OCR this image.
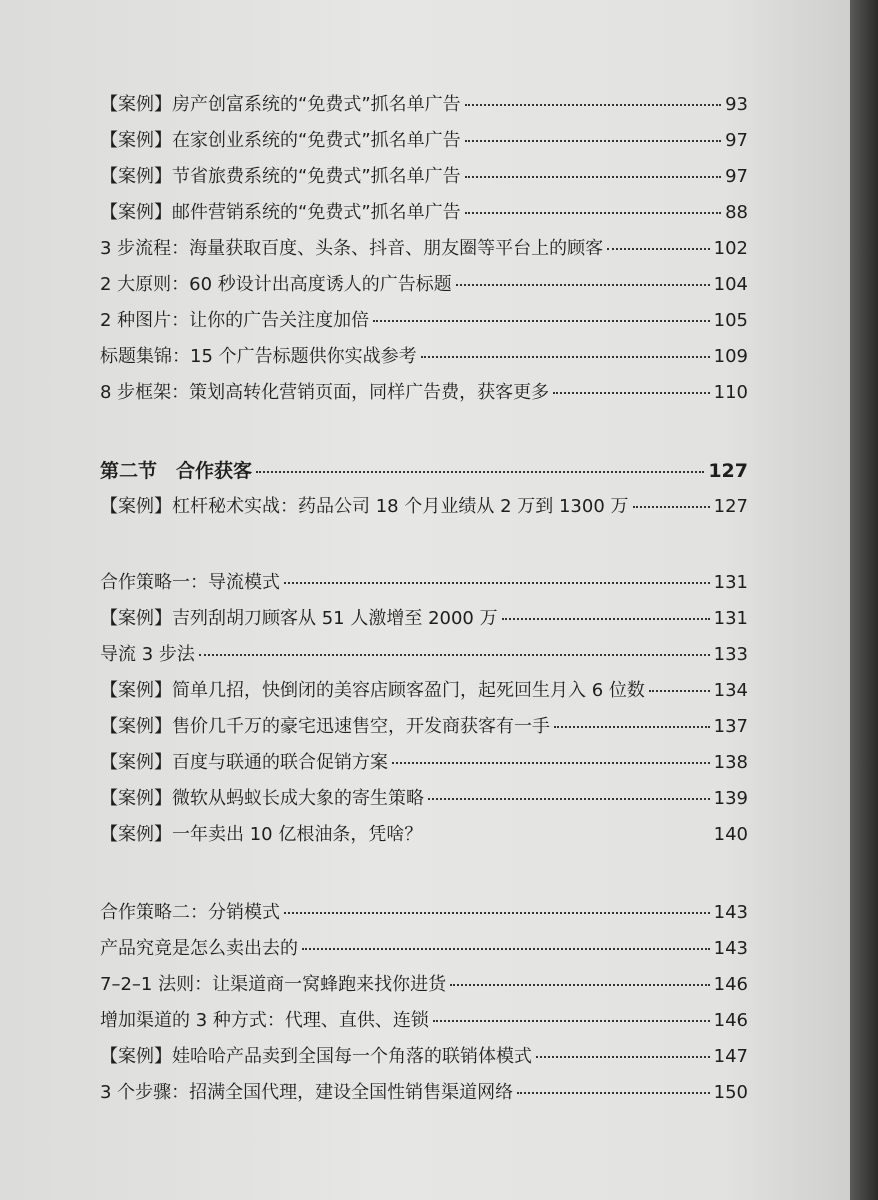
【案例】房产创富系统的“免费式”抓名单广告	93
【案例】在家创业系统的“免费式”抓名单广告	97
【案例】节省旅费系统的“免费式”抓名单广告	97
【案例】邮件营销系统的“免费式”抓名单广告	88
3 步流程：海量获取百度、头条、抖音、朋友圈等平台上的顾客	102
2 大原则：60 秒设计出高度诱人的广告标题	104
2 种图片：让你的广告关注度加倍	105
标题集锦：15 个广告标题供你实战参考	109
8 步框架：策划高转化营销页面，同样广告费，获客更多	110
第二节　合作获客	127
【案例】杠杆秘术实战：药品公司 18 个月业绩从 2 万到 1300 万	127
合作策略一：导流模式	131
【案例】吉列刮胡刀顾客从 51 人激增至 2000 万	131
导流 3 步法	133
【案例】简单几招，快倒闭的美容店顾客盈门，起死回生月入 6 位数	134
【案例】售价几千万的豪宅迅速售空，开发商获客有一手	137
【案例】百度与联通的联合促销方案	138
【案例】微软从蚂蚁长成大象的寄生策略	139
【案例】一年卖出 10 亿根油条，凭啥？	140
合作策略二：分销模式	143
产品究竟是怎么卖出去的	143
7–2–1 法则：让渠道商一窝蜂跑来找你进货	146
增加渠道的 3 种方式：代理、直供、连锁	146
【案例】娃哈哈产品卖到全国每一个角落的联销体模式	147
3 个步骤：招满全国代理，建设全国性销售渠道网络	150
